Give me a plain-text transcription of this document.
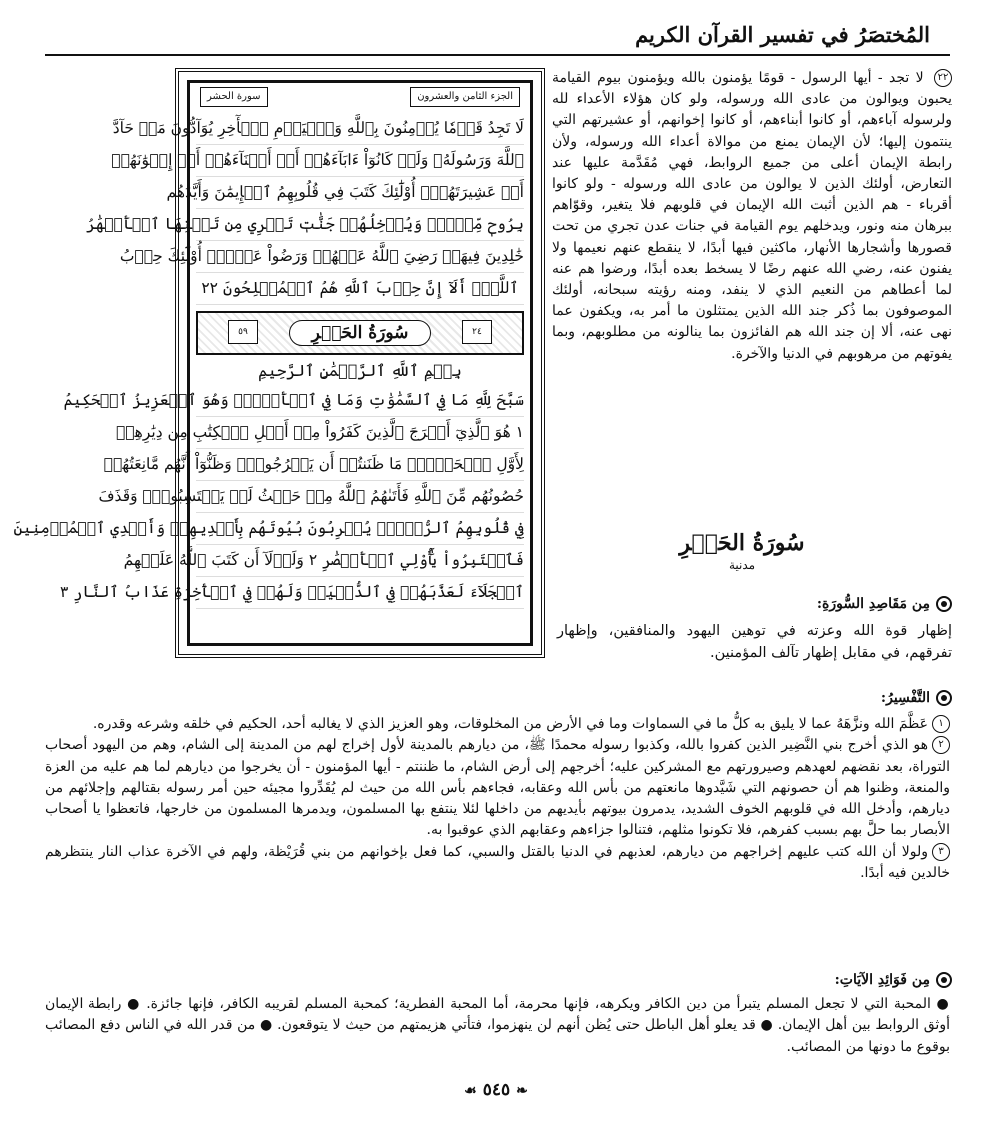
المُختصَرُ في تفسير القرآن الكريم
الجزء الثامن والعشرون
سورة الحشر
لَا تَجِدُ قَوۡمٗا يُؤۡمِنُونَ بِٱللَّهِ وَٱلۡيَوۡمِ ٱلۡأٓخِرِ يُوَآدُّونَ مَنۡ حَآدَّ
ٱللَّهَ وَرَسُولَهُۥ وَلَوۡ كَانُوٓاْ ءَابَآءَهُمۡ أَوۡ أَبۡنَآءَهُمۡ أَوۡ إِخۡوَٰنَهُمۡ
أَوۡ عَشِيرَتَهُمۡۚ أُوْلَٰٓئِكَ كَتَبَ فِي قُلُوبِهِمُ ٱلۡإِيمَٰنَ وَأَيَّدَهُم
بِرُوحٖ مِّنۡهُۖ وَيُدۡخِلُهُمۡ جَنَّٰتٖ تَجۡرِي مِن تَحۡتِهَا ٱلۡأَنۡهَٰرُ
خَٰلِدِينَ فِيهَاۚ رَضِيَ ٱللَّهُ عَنۡهُمۡ وَرَضُواْ عَنۡهُۚ أُوْلَٰٓئِكَ حِزۡبُ
ٱللَّهِۚ أَلَآ إِنَّ حِزۡبَ ٱللَّهِ هُمُ ٱلۡمُفۡلِحُونَ ٢٢
٢٤
سُورَةُ الحَشۡرِ
٥٩
بِسۡمِ ٱللَّهِ ٱلرَّحۡمَٰنِ ٱلرَّحِيمِ
سَبَّحَ لِلَّهِ مَا فِي ٱلسَّمَٰوَٰتِ وَمَا فِي ٱلۡأَرۡضِۖ وَهُوَ ٱلۡعَزِيزُ ٱلۡحَكِيمُ
١ هُوَ ٱلَّذِيٓ أَخۡرَجَ ٱلَّذِينَ كَفَرُواْ مِنۡ أَهۡلِ ٱلۡكِتَٰبِ مِن دِيَٰرِهِمۡ
لِأَوَّلِ ٱلۡحَشۡرِۚ مَا ظَنَنتُمۡ أَن يَخۡرُجُواْۖ وَظَنُّوٓاْ أَنَّهُم مَّانِعَتُهُمۡ
حُصُونُهُم مِّنَ ٱللَّهِ فَأَتَىٰهُمُ ٱللَّهُ مِنۡ حَيۡثُ لَمۡ يَحۡتَسِبُواْۖ وَقَذَفَ
فِي قُلُوبِهِمُ ٱلرُّعۡبَۚ يُخۡرِبُونَ بُيُوتَهُم بِأَيۡدِيهِمۡ وَأَيۡدِي ٱلۡمُؤۡمِنِينَ
فَٱعۡتَبِرُواْ يَٰٓأُوْلِي ٱلۡأَبۡصَٰرِ ٢ وَلَوۡلَآ أَن كَتَبَ ٱللَّهُ عَلَيۡهِمُ
ٱلۡجَلَآءَ لَعَذَّبَهُمۡ فِي ٱلدُّنۡيَاۖ وَلَهُمۡ فِي ٱلۡأٓخِرَةِ عَذَابُ ٱلنَّارِ ٣

٢٢ لا تجد - أيها الرسول - قومًا يؤمنون بالله ويؤمنون بيوم القيامة يحبون ويوالون من عادى الله ورسوله، ولو كان هؤلاء الأعداء لله ولرسوله آباءهم، أو كانوا أبناءهم، أو كانوا إخوانهم، أو عشيرتهم التي ينتمون إليها؛ لأن الإيمان يمنع من موالاة أعداء الله ورسوله، ولأن رابطة الإيمان أعلى من جميع الروابط، فهي مُقَدَّمة عليها عند التعارض، أولئك الذين لا يوالون من عادى الله ورسوله - ولو كانوا أقرباء - هم الذين أثبت الله الإيمان في قلوبهم فلا يتغير، وقوّاهم ببرهان منه ونور، ويدخلهم يوم القيامة في جنات عدن تجري من تحت قصورها وأشجارها الأنهار، ماكثين فيها أبدًا، لا ينقطع عنهم نعيمها ولا يفنون عنه، رضي الله عنهم رضًا لا يسخط بعده أبدًا، ورضوا هم عنه لما أعطاهم من النعيم الذي لا ينفد، ومنه رؤيته سبحانه، أولئك الموصوفون بما ذُكر جند الله الذين يمتثلون ما أمر به، ويكفون عما نهى عنه، ألا إن جند الله هم الفائزون بما ينالونه من مطلوبهم، وبما يفوتهم من مرهوبهم في الدنيا والآخرة.

سُورَةُ الحَشۡرِ
مدنية
مِن مَقَاصِدِ السُّورَةِ:
إظهار قوة الله وعزته في توهين اليهود والمنافقين، وإظهار تفرقهم، في مقابل إظهار تآلف المؤمنين.
التَّفْسِيرُ:

١عَظَّمَ الله ونزَّهَهُ عما لا يليق به كلُّ ما في السماوات وما في الأرض من المخلوقات، وهو العزيز الذي لا يغالبه أحد، الحكيم في خلقه وشرعه وقدره.

٢هو الذي أخرج بني النَّضِير الذين كفروا بالله، وكذبوا رسوله محمدًا ﷺ، من ديارهم بالمدينة لأول إخراج لهم من المدينة إلى الشام، وهم من اليهود أصحاب التوراة، بعد نقضهم لعهدهم وصيرورتهم مع المشركين عليه؛ أخرجهم إلى أرض الشام، ما ظننتم - أيها المؤمنون - أن يخرجوا من ديارهم لما هم عليه من العزة والمنعة، وظنوا هم أن حصونهم التي شَيَّدوها مانعتهم من بأس الله وعقابه، فجاءهم بأس الله من حيث لم يُقَدِّروا مجيئه حين أمر رسوله بقتالهم وإجلائهم من ديارهم، وأدخل الله في قلوبهم الخوف الشديد، يدمرون بيوتهم بأيديهم من داخلها لئلا ينتفع بها المسلمون، ويدمرها المسلمون من خارجها، فاتعظوا يا أصحاب الأبصار بما حلَّ بهم بسبب كفرهم، فلا تكونوا مثلهم، فتنالوا جزاءهم وعقابهم الذي عوقبوا به.

٣ولولا أن الله كتب عليهم إخراجهم من ديارهم، لعذبهم في الدنيا بالقتل والسبي، كما فعل بإخوانهم من بني قُرَيْظة، ولهم في الآخرة عذاب النار ينتظرهم خالدين فيه أبدًا.

مِن فَوَائِدِ الآيَاتِ:

● المحبة التي لا تجعل المسلم يتبرأ من دين الكافر ويكرهه، فإنها محرمة، أما المحبة الفطرية؛ كمحبة المسلم لقريبه الكافر، فإنها جائزة. ● رابطة الإيمان أوثق الروابط بين أهل الإيمان. ● قد يعلو أهل الباطل حتى يُظن أنهم لن ينهزموا، فتأتي هزيمتهم من حيث لا يتوقعون. ● من قدر الله في الناس دفع المصائب بوقوع ما دونها من المصائب.

❧٥٤٥☙
